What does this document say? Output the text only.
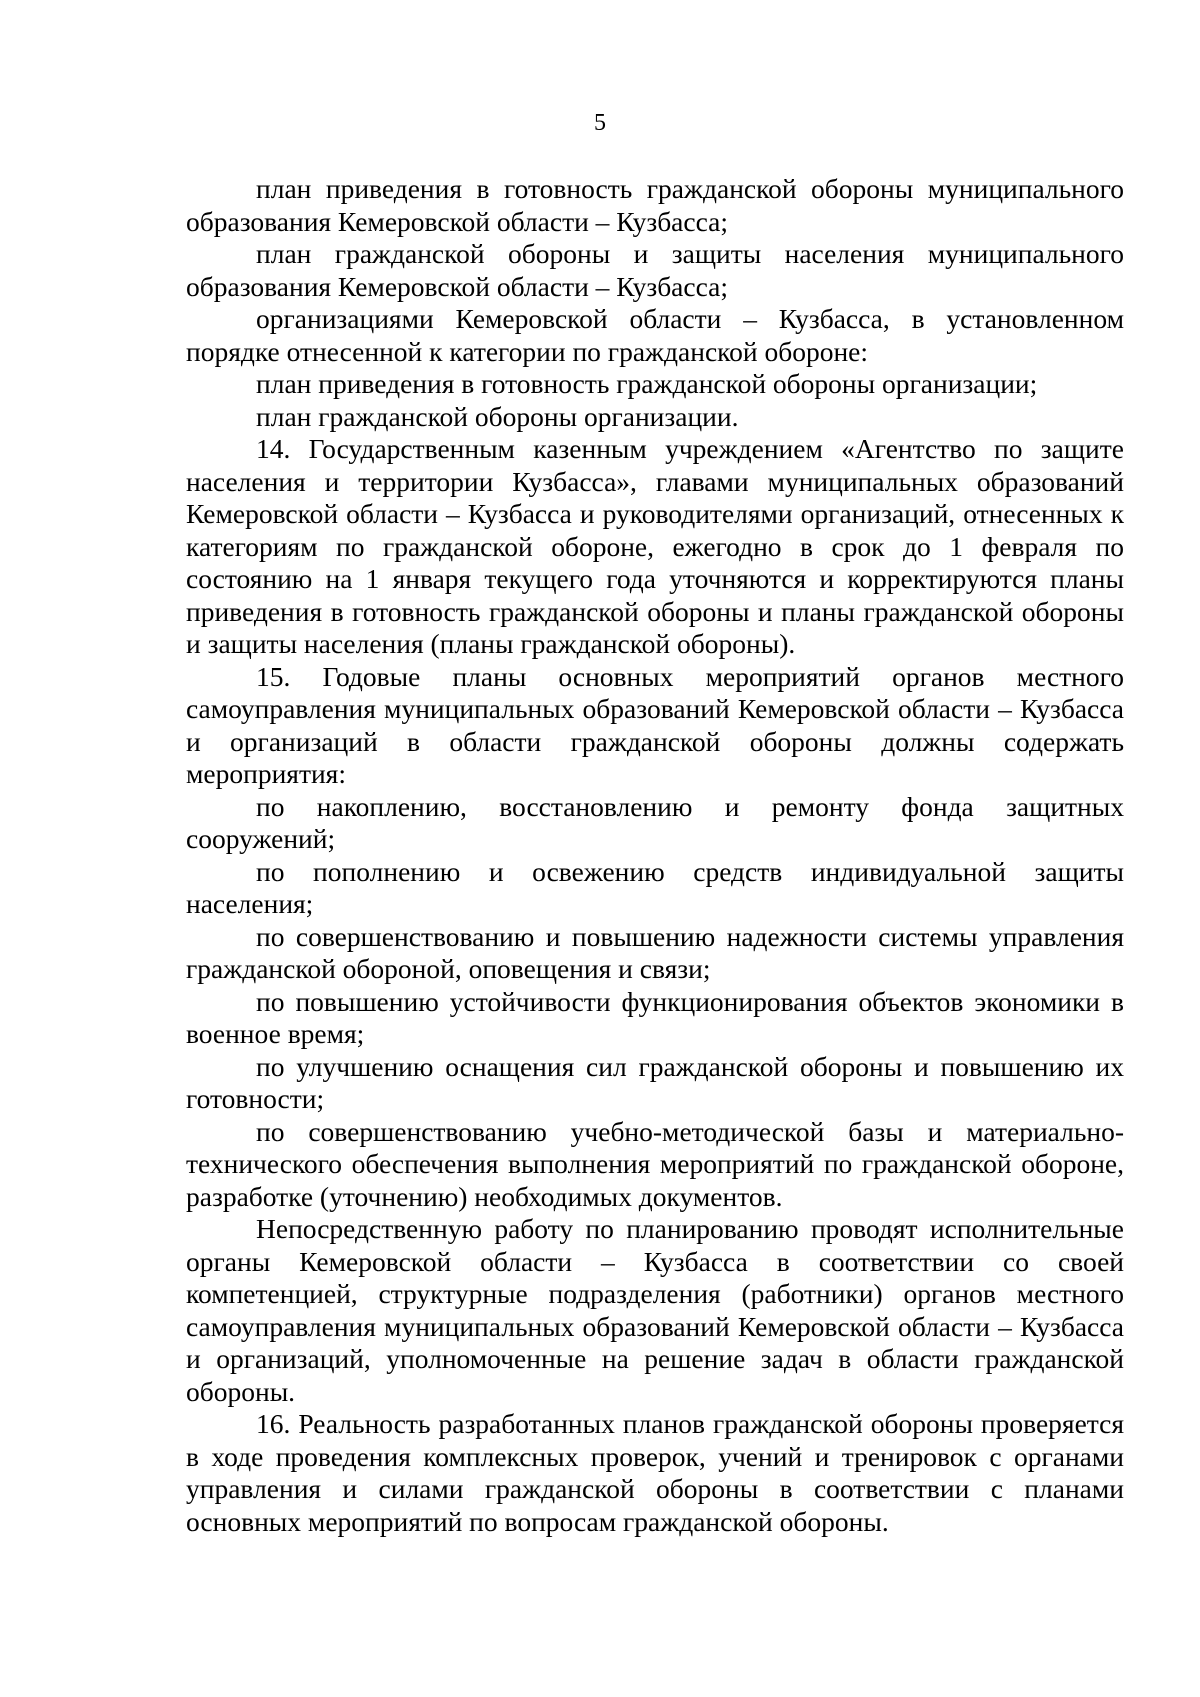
5

план приведения в готовность гражданской обороны муниципального образования Кемеровской области – Кузбасса;

план гражданской обороны и защиты населения муниципального образования Кемеровской области – Кузбасса;

организациями Кемеровской области – Кузбасса, в установленном порядке отнесенной к категории по гражданской обороне:

план приведения в готовность гражданской обороны организации;

план гражданской обороны организации.

14. Государственным казенным учреждением «Агентство по защите населения и территории Кузбасса», главами муниципальных образований Кемеровской области – Кузбасса и руководителями организаций, отнесенных к категориям по гражданской обороне, ежегодно в срок до 1 февраля по состоянию на 1 января текущего года уточняются и корректируются планы приведения в готовность гражданской обороны и планы гражданской обороны и защиты населения (планы гражданской обороны).

15. Годовые планы основных мероприятий органов местного самоуправления муниципальных образований Кемеровской области – Кузбасса и организаций в области гражданской обороны должны содержать мероприятия:

по накоплению, восстановлению и ремонту фонда защитных сооружений;

по пополнению и освежению средств индивидуальной защиты населения;

по совершенствованию и повышению надежности системы управления гражданской обороной, оповещения и связи;

по повышению устойчивости функционирования объектов экономики в военное время;

по улучшению оснащения сил гражданской обороны и повышению их готовности;

по совершенствованию учебно-методической базы и материально-технического обеспечения выполнения мероприятий по гражданской обороне, разработке (уточнению) необходимых документов.

Непосредственную работу по планированию проводят исполнительные органы Кемеровской области – Кузбасса в соответствии со своей компетенцией, структурные подразделения (работники) органов местного самоуправления муниципальных образований Кемеровской области – Кузбасса и организаций, уполномоченные на решение задач в области гражданской обороны.

16. Реальность разработанных планов гражданской обороны проверяется в ходе проведения комплексных проверок, учений и тренировок с органами управления и силами гражданской обороны в соответствии с планами основных мероприятий по вопросам гражданской обороны.
